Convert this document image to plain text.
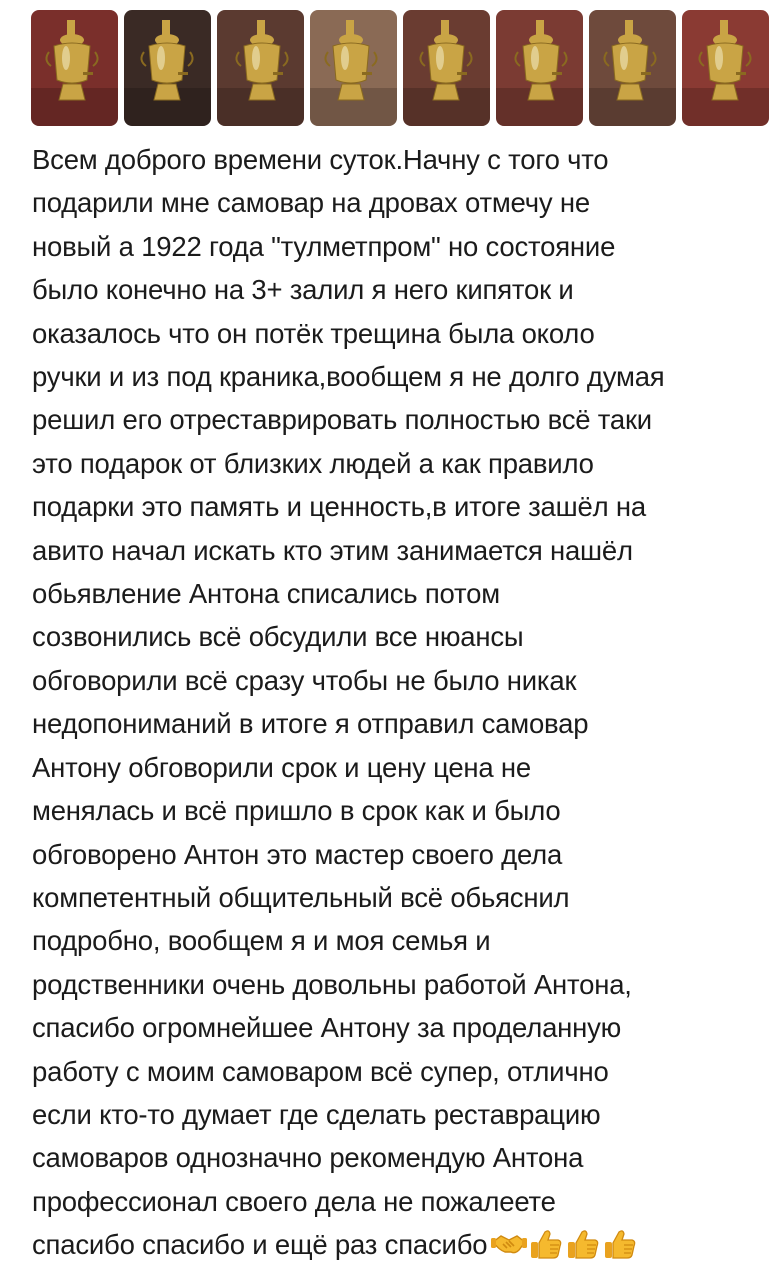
Всем доброго времени суток.Начну с того что
подарили мне самовар на дровах отмечу не
новый а 1922 года "тулметпром" но состояние
было конечно на 3+ залил я него кипяток и
оказалось что он потёк трещина была около
ручки и из под краника,вообщем я не долго думая
решил его отреставрировать полностью всё таки
это подарок от близких людей а как правило
подарки это память и ценность,в итоге зашёл на
авито начал искать кто этим занимается нашёл
обьявление Антона списались потом
созвонились всё обсудили все нюансы
обговорили всё сразу чтобы не было никак
недопониманий в итоге я отправил самовар
Антону обговорили срок и цену цена не
менялась и всё пришло в срок как и было
обговорено Антон это мастер своего дела
компетентный общительный всё обьяснил
подробно, вообщем я и моя семья и
родственники очень довольны работой Антона,
спасибо огромнейшее Антону за проделанную
работу с моим самоваром всё супер, отлично
если кто-то думает где сделать реставрацию
самоваров однозначно рекомендую Антона
профессионал своего дела не пожалеете
спасибо спасибо и ещё раз спасибо
